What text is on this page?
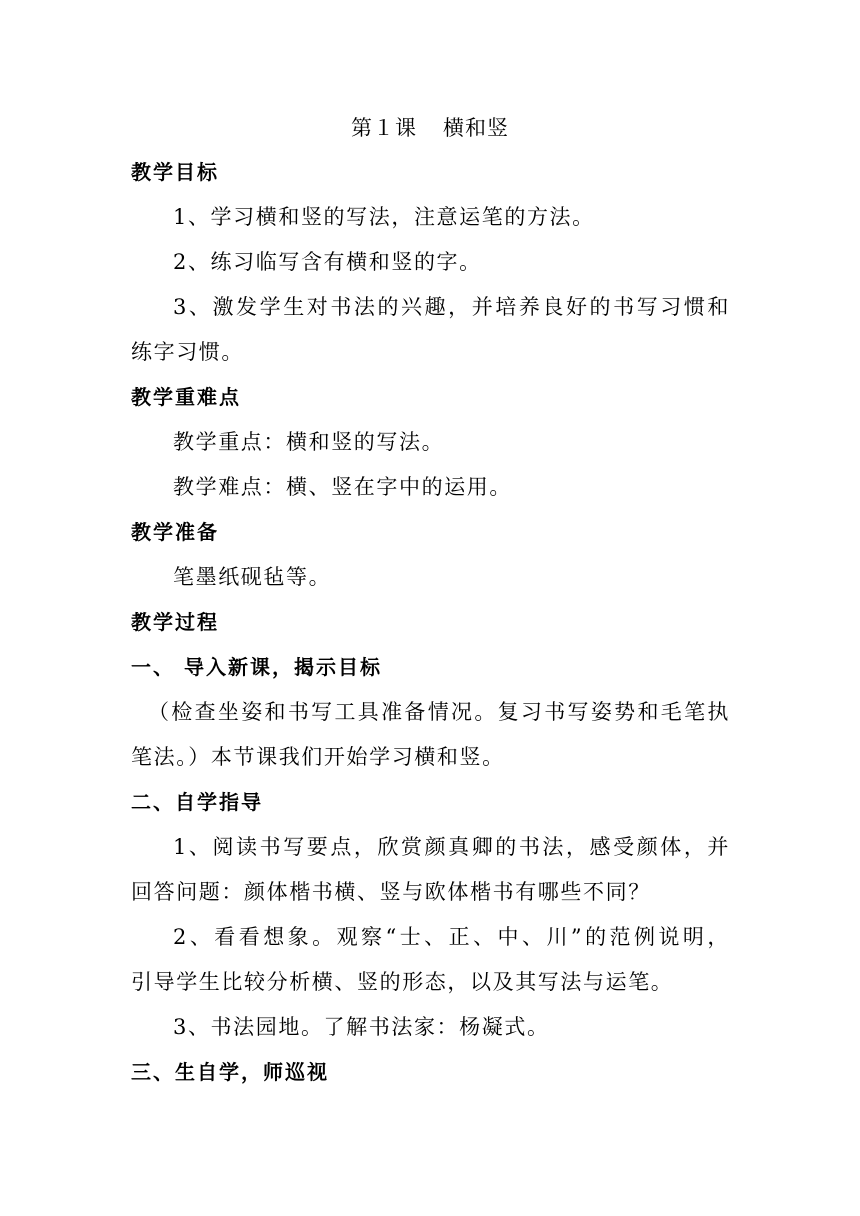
第１课 横和竖
教学目标
1、学习横和竖的写法，注意运笔的方法。
2、练习临写含有横和竖的字。
3、激发学生对书法的兴趣，并培养良好的书写习惯和
练字习惯。
教学重难点
教学重点：横和竖的写法。
教学难点：横、竖在字中的运用。
教学准备
笔墨纸砚毡等。
教学过程
一、 导入新课，揭示目标
（检查坐姿和书写工具准备情况。复习书写姿势和毛笔执
笔法。）本节课我们开始学习横和竖。
二、自学指导
1、阅读书写要点，欣赏颜真卿的书法，感受颜体，并
回答问题：颜体楷书横、竖与欧体楷书有哪些不同？
2、看看想象。观察“士、正、中、川”的范例说明，
引导学生比较分析横、竖的形态，以及其写法与运笔。
3、书法园地。了解书法家：杨凝式。
三、生自学，师巡视
